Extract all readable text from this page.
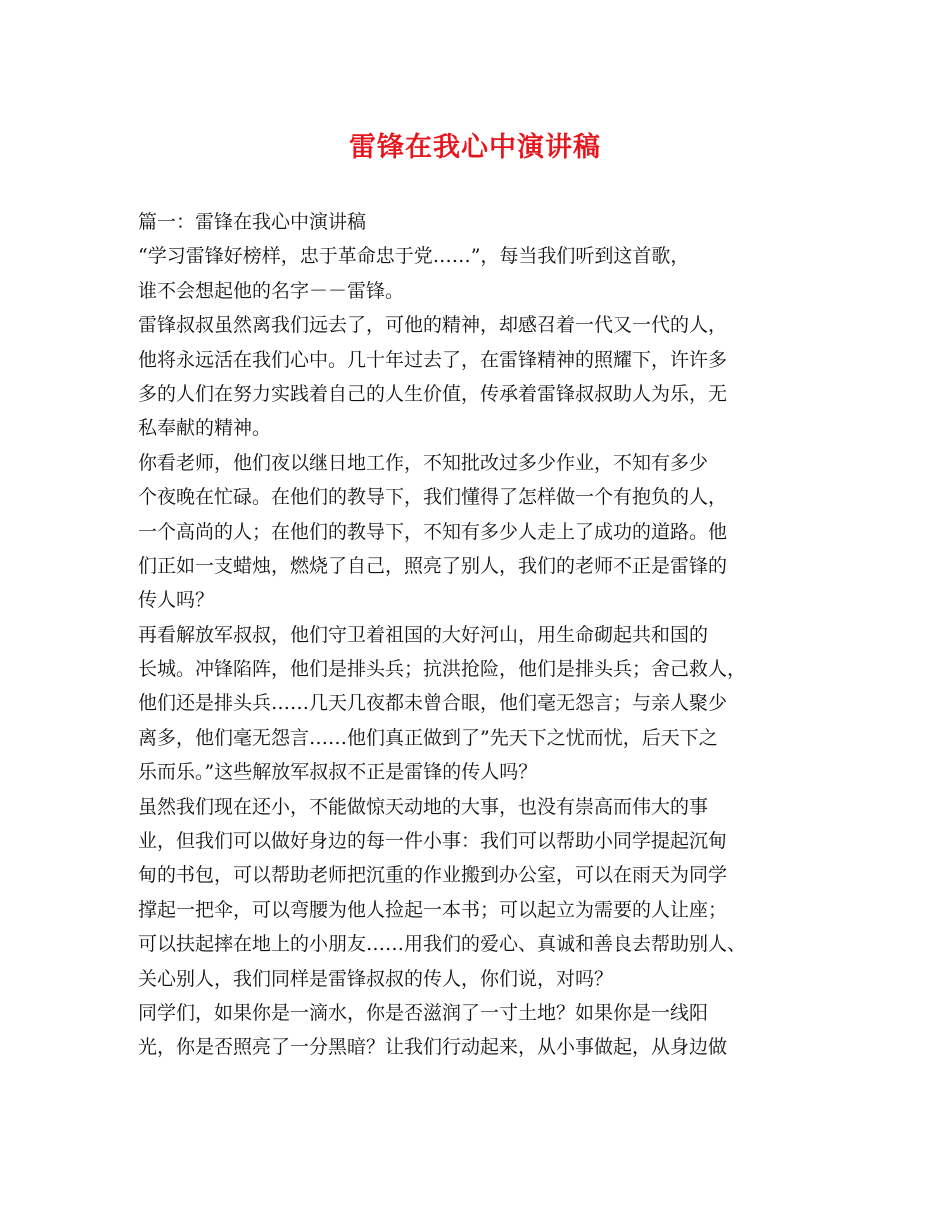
雷锋在我心中演讲稿
篇一：雷锋在我心中演讲稿
“学习雷锋好榜样，忠于革命忠于党……”，每当我们听到这首歌，
谁不会想起他的名字－－雷锋。
雷锋叔叔虽然离我们远去了，可他的精神，却感召着一代又一代的人，
他将永远活在我们心中。几十年过去了，在雷锋精神的照耀下，许许多
多的人们在努力实践着自己的人生价值，传承着雷锋叔叔助人为乐，无
私奉献的精神。
你看老师，他们夜以继日地工作，不知批改过多少作业，不知有多少
个夜晚在忙碌。在他们的教导下，我们懂得了怎样做一个有抱负的人，
一个高尚的人；在他们的教导下，不知有多少人走上了成功的道路。他
们正如一支蜡烛，燃烧了自己，照亮了别人，我们的老师不正是雷锋的
传人吗？
再看解放军叔叔，他们守卫着祖国的大好河山，用生命砌起共和国的
长城。冲锋陷阵，他们是排头兵；抗洪抢险，他们是排头兵；舍己救人，
他们还是排头兵……几天几夜都未曾合眼，他们毫无怨言；与亲人聚少
离多，他们毫无怨言……他们真正做到了”先天下之忧而忧，后天下之
乐而乐。”这些解放军叔叔不正是雷锋的传人吗？
虽然我们现在还小，不能做惊天动地的大事，也没有崇高而伟大的事
业，但我们可以做好身边的每一件小事：我们可以帮助小同学提起沉甸
甸的书包，可以帮助老师把沉重的作业搬到办公室，可以在雨天为同学
撑起一把伞，可以弯腰为他人捡起一本书；可以起立为需要的人让座；
可以扶起摔在地上的小朋友……用我们的爱心、真诚和善良去帮助别人、
关心别人，我们同样是雷锋叔叔的传人，你们说，对吗？
同学们，如果你是一滴水，你是否滋润了一寸土地？如果你是一线阳
光，你是否照亮了一分黑暗？让我们行动起来，从小事做起，从身边做
